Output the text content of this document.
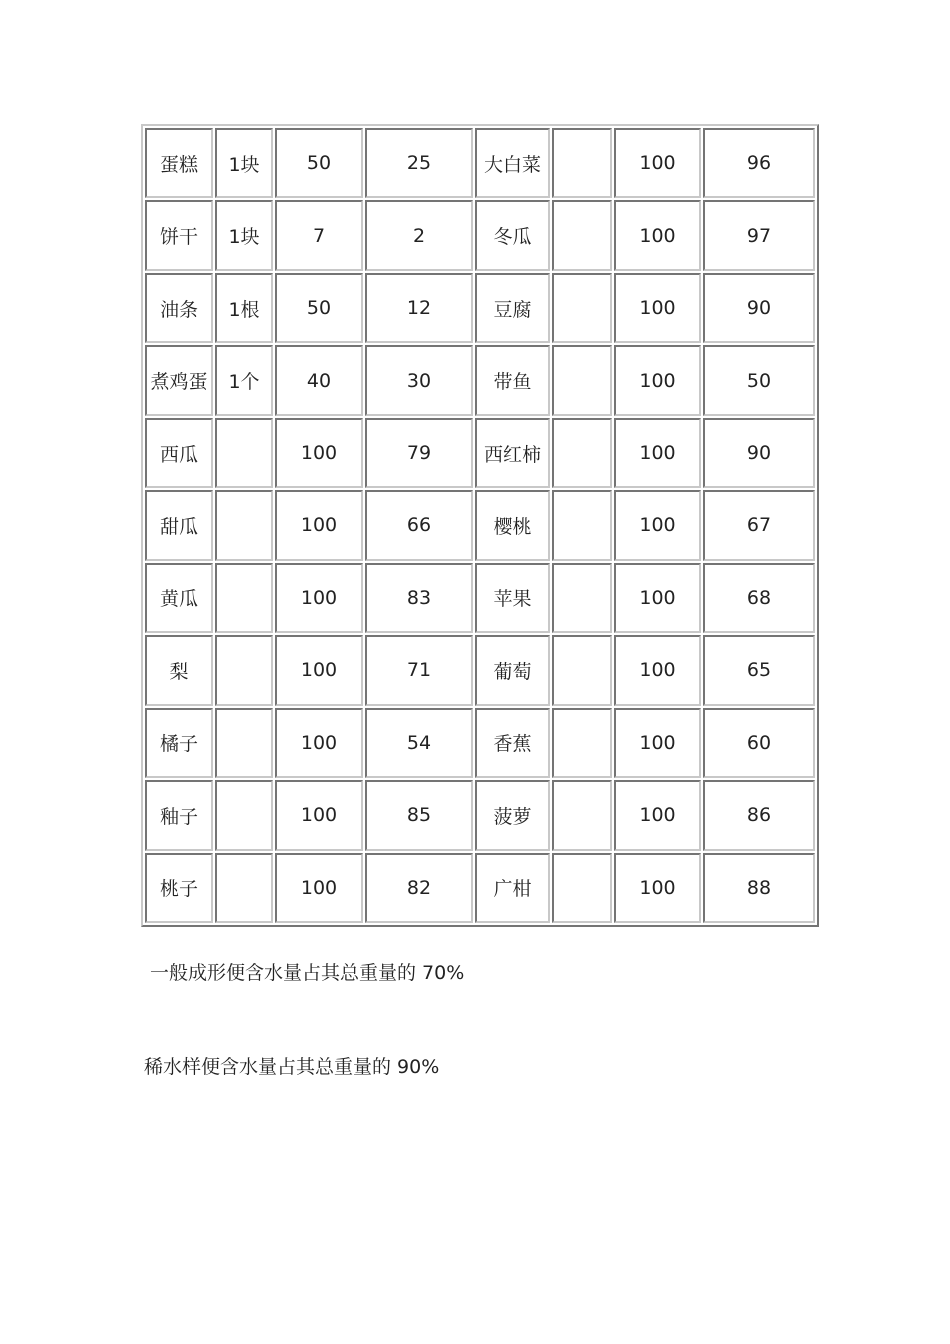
蛋糕	1块	50	25	大白菜		100	96
饼干	1块	7	2	冬瓜		100	97
油条	1根	50	12	豆腐		100	90
煮鸡蛋	1个	40	30	带鱼		100	50
西瓜		100	79	西红柿		100	90
甜瓜		100	66	樱桃		100	67
黄瓜		100	83	苹果		100	68
梨		100	71	葡萄		100	65
橘子		100	54	香蕉		100	60
釉子		100	85	菠萝		100	86
桃子		100	82	广柑		100	88
一般成形便含水量占其总重量的 70%
稀水样便含水量占其总重量的 90%
